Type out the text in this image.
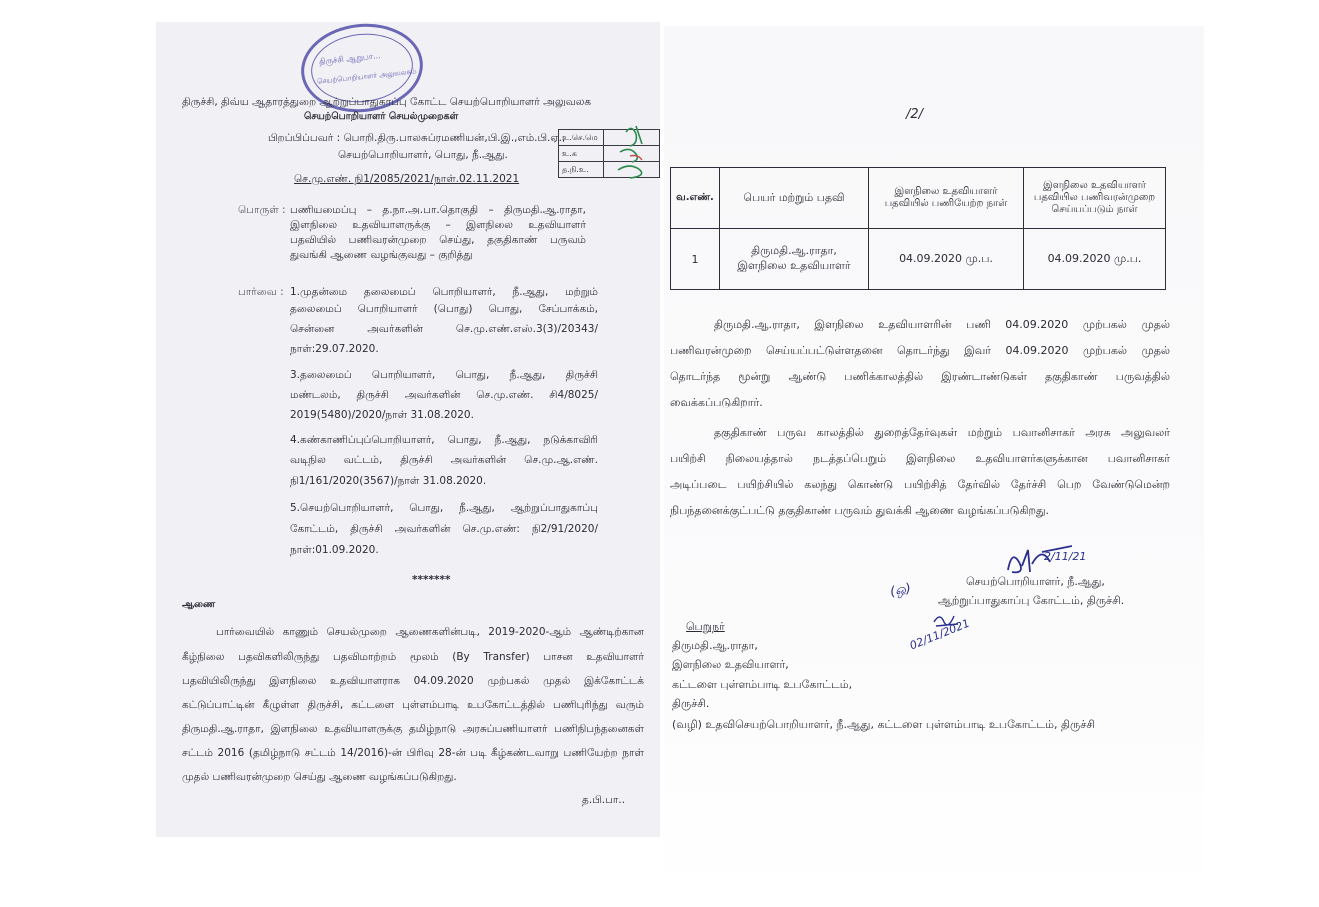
திருச்சி ஆறுபா...
செயற்பொறியாளர் அலுவலகம்
திருச்சி, திவ்ய ஆதாரத்துறை ஆற்றுப்பாதுகாப்பு கோட்ட செயற்பொறியாளர் அலுவலக
செயற்பொறியாளர் செயல்முறைகள்
பிறப்பிப்பவர் : பொறி.திரு.பாலசுப்ரமணியன்,பி.இ.,எம்.பி.ஏ.,
செயற்பொறியாளர், பொது, நீ.ஆது.
செ.மு.எண். நி1/2085/2021/நாள்.02.11.2021
உ.செ.மெ	
உ.க	
த.நி.உ.	
பொருள் : பணியமைப்பு – த.நா.அ.பா.தொகுதி – திருமதி.ஆ.ராதா,
இளநிலை உதவியாளருக்கு – இளநிலை உதவியாளர்
பதவியில் பணிவரன்முறை செய்து, தகுதிகாண் பருவம்
துவங்கி ஆணை வழங்குவது – குறித்து
பார்வை : 1.முதன்மை தலைமைப் பொறியாளர், நீ.ஆது, மற்றும்
தலைமைப் பொறியாளர் (பொது) பொது, சேப்பாக்கம்,
சென்னை அவர்களின் செ.மு.எண்.எஸ்.3(3)/20343/
நாள்:29.07.2020.
3.தலைமைப் பொறியாளர், பொது, நீ.ஆது, திருச்சி
மண்டலம், திருச்சி அவர்களின் செ.மு.எண். சி4/8025/
2019(5480)/2020/நாள் 31.08.2020.
4.கண்காணிப்புப்பொறியாளர், பொது, நீ.ஆது, நடுக்காவிரி
வடிநில வட்டம், திருச்சி அவர்களின் செ.மு.ஆ.எண்.
நி1/161/2020(3567)/நாள் 31.08.2020.
5.செயற்பொறியாளர், பொது, நீ.ஆது, ஆற்றுப்பாதுகாப்பு
கோட்டம், திருச்சி அவர்களின் செ.மு.எண்: நி2/91/2020/
நாள்:01.09.2020.
*******
ஆணை
பார்வையில் காணும் செயல்முறை ஆணைகளின்படி, 2019-2020-ஆம் ஆண்டிற்கான
கீழ்நிலை பதவிகளிலிருந்து பதவிமாற்றம் மூலம் (By Transfer) பாசன உதவியாளர்
பதவியிலிருந்து இளநிலை உதவியாளராக 04.09.2020 முற்பகல் முதல் இக்கோட்டக்
கட்டுப்பாட்டின் கீழுள்ள திருச்சி, கட்டளை புள்ளம்பாடி உபகோட்டத்தில் பணிபுரிந்து வரும்
திருமதி.ஆ.ராதா, இளநிலை உதவியாளருக்கு தமிழ்நாடு அரசுப்பணியாளர் பணிநிபந்தனைகள்
சட்டம் 2016 (தமிழ்நாடு சட்டம் 14/2016)-ன் பிரிவு 28-ன் படி கீழ்கண்டவாறு பணியேற்ற நாள்
முதல் பணிவரன்முறை செய்து ஆணை வழங்கப்படுகிறது.
த.பி.பா..
/2/
வ.எண்.	பெயர் மற்றும் பதவி	இளநிலை உதவியாளர் பதவியில் பணியேற்ற நாள்	இளநிலை உதவியாளர் பதவியில பணிவரன்முறை செய்யப்படும் நாள்
1	திருமதி.ஆ.ராதா,
இளநிலை உதவியாளர்	04.09.2020 மு.ப.	04.09.2020 மு.ப.
திருமதி.ஆ.ராதா, இளநிலை உதவியாளரின் பணி 04.09.2020 முற்பகல் முதல்
பணிவரன்முறை செய்யப்பட்டுள்ளதனை தொடர்ந்து இவர் 04.09.2020 முற்பகல் முதல்
தொடர்ந்த மூன்று ஆண்டு பணிக்காலத்தில் இரண்டாண்டுகள் தகுதிகாண் பருவத்தில்
வைக்கப்படுகிறார்.
தகுதிகாண் பருவ காலத்தில் துறைத்தேர்வுகள் மற்றும் பவானிசாகர் அரசு அலுவலர்
பயிற்சி நிலையத்தால் நடத்தப்பெறும் இளநிலை உதவியாளர்களுக்கான பவானிசாகர்
அடிப்படை பயிற்சியில் கலந்து கொண்டு பயிற்சித் தேர்வில் தேர்ச்சி பெற வேண்டுமென்ற
நிபந்தனைக்குட்பட்டு தகுதிகாண் பருவம் துவக்கி ஆணை வழங்கப்படுகிறது.
2/11/21
செயற்பொறியாளர், நீ.ஆது,
ஆற்றுப்பாதுகாப்பு கோட்டம், திருச்சி.
(ஒ)
02/11/2021
பெறுநர்
திருமதி.ஆ.ராதா,
இளநிலை உதவியாளர்,
கட்டளை புள்ளம்பாடி உபகோட்டம்,
திருச்சி.
(வழி) உதவிசெயற்பொறியாளர், நீ.ஆது, கட்டளை புள்ளம்பாடி உபகோட்டம், திருச்சி
